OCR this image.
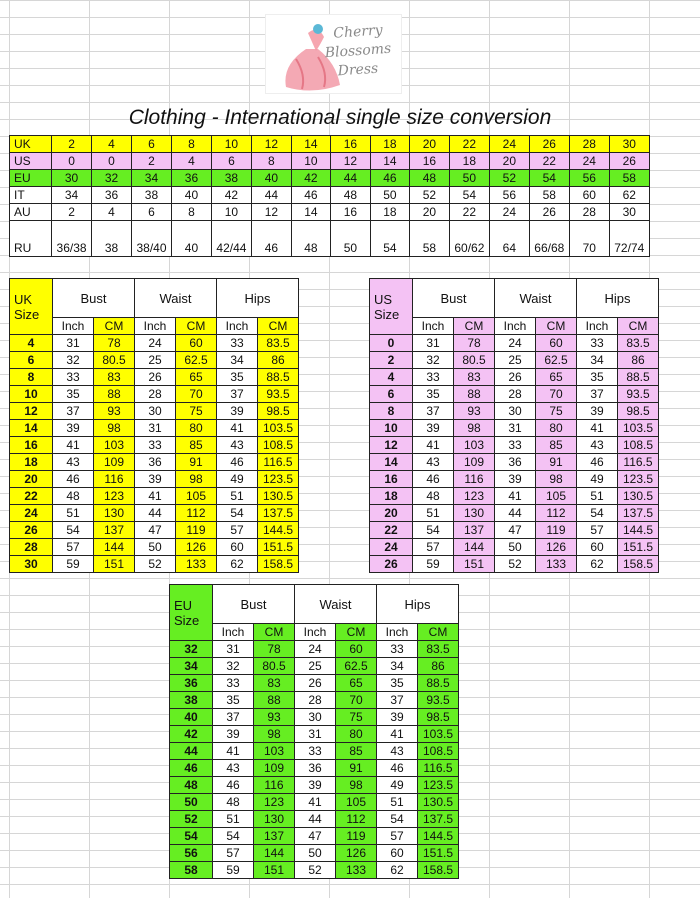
Cherry
Blossoms
Dress
Clothing - International single size conversion
UK	2	4	6	8	10	12	14	16	18	20	22	24	26	28	30
US	0	0	2	4	6	8	10	12	14	16	18	20	22	24	26
EU	30	32	34	36	38	40	42	44	46	48	50	52	54	56	58
IT	34	36	38	40	42	44	46	48	50	52	54	56	58	60	62
AU	2	4	6	8	10	12	14	16	18	20	22	24	26	28	30
RU	36/38	38	38/40	40	42/44	46	48	50	54	58	60/62	64	66/68	70	72/74
UK Size	Bust		Waist		Hips	
	Inch	CM	Inch	CM	Inch	CM
4	31	78	24	60	33	83.5
6	32	80.5	25	62.5	34	86
8	33	83	26	65	35	88.5
10	35	88	28	70	37	93.5
12	37	93	30	75	39	98.5
14	39	98	31	80	41	103.5
16	41	103	33	85	43	108.5
18	43	109	36	91	46	116.5
20	46	116	39	98	49	123.5
22	48	123	41	105	51	130.5
24	51	130	44	112	54	137.5
26	54	137	47	119	57	144.5
28	57	144	50	126	60	151.5
30	59	151	52	133	62	158.5
US Size	Bust		Waist		Hips	
	Inch	CM	Inch	CM	Inch	CM
0	31	78	24	60	33	83.5
2	32	80.5	25	62.5	34	86
4	33	83	26	65	35	88.5
6	35	88	28	70	37	93.5
8	37	93	30	75	39	98.5
10	39	98	31	80	41	103.5
12	41	103	33	85	43	108.5
14	43	109	36	91	46	116.5
16	46	116	39	98	49	123.5
18	48	123	41	105	51	130.5
20	51	130	44	112	54	137.5
22	54	137	47	119	57	144.5
24	57	144	50	126	60	151.5
26	59	151	52	133	62	158.5
EU Size	Bust		Waist		Hips	
	Inch	CM	Inch	CM	Inch	CM
32	31	78	24	60	33	83.5
34	32	80.5	25	62.5	34	86
36	33	83	26	65	35	88.5
38	35	88	28	70	37	93.5
40	37	93	30	75	39	98.5
42	39	98	31	80	41	103.5
44	41	103	33	85	43	108.5
46	43	109	36	91	46	116.5
48	46	116	39	98	49	123.5
50	48	123	41	105	51	130.5
52	51	130	44	112	54	137.5
54	54	137	47	119	57	144.5
56	57	144	50	126	60	151.5
58	59	151	52	133	62	158.5
